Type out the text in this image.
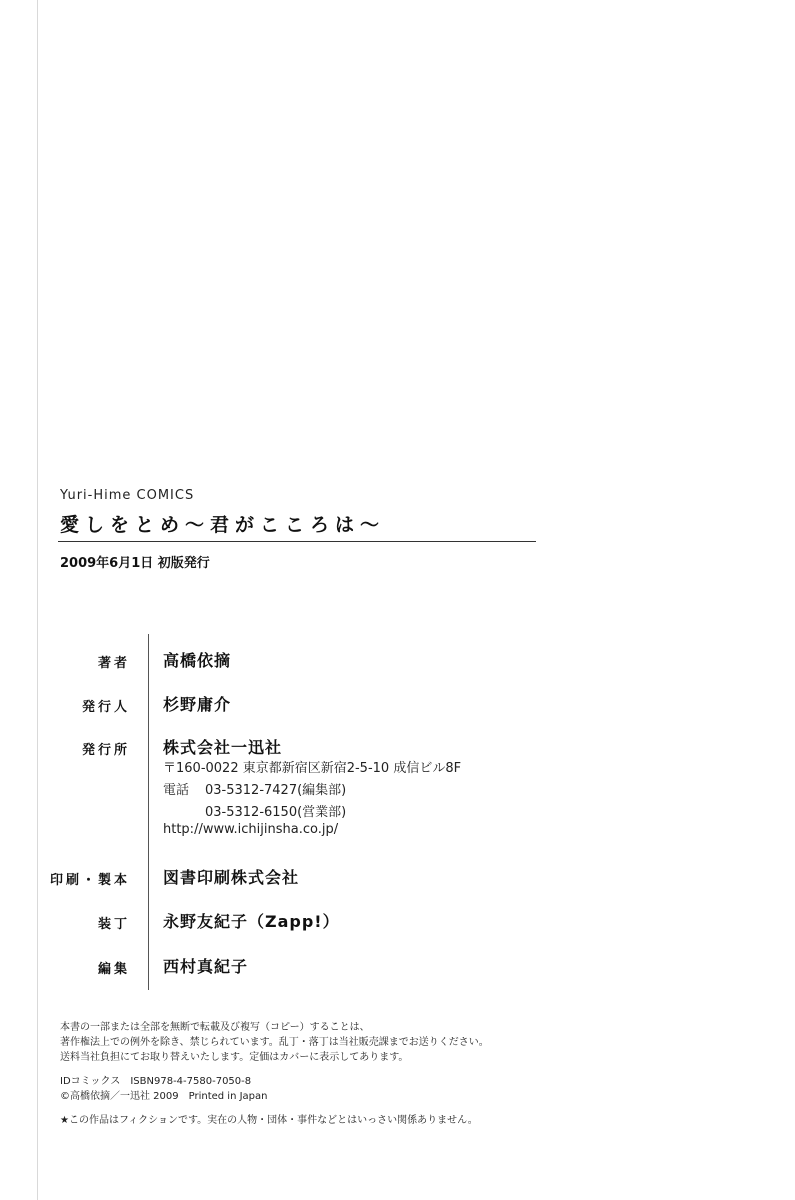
Yuri-Hime COMICS
愛しをとめ～君がこころは～
2009年6月1日 初版発行
著者 高橋依摘
発行人 杉野庸介
発行所 株式会社一迅社
〒160-0022 東京都新宿区新宿2-5-10 成信ビル8F
電話 03-5312-7427(編集部)
03-5312-6150(営業部)
http://www.ichijinsha.co.jp/
印刷・製本 図書印刷株式会社
装丁 永野友紀子（Zapp!）
編集 西村真紀子
本書の一部または全部を無断で転載及び複写（コピー）することは、
著作権法上での例外を除き、禁じられています。乱丁・落丁は当社販売課までお送りください。
送料当社負担にてお取り替えいたします。定価はカバーに表示してあります。
IDコミックス　ISBN978-4-7580-7050-8
©高橋依摘／一迅社 2009　Printed in Japan
★この作品はフィクションです。実在の人物・団体・事件などとはいっさい関係ありません。
